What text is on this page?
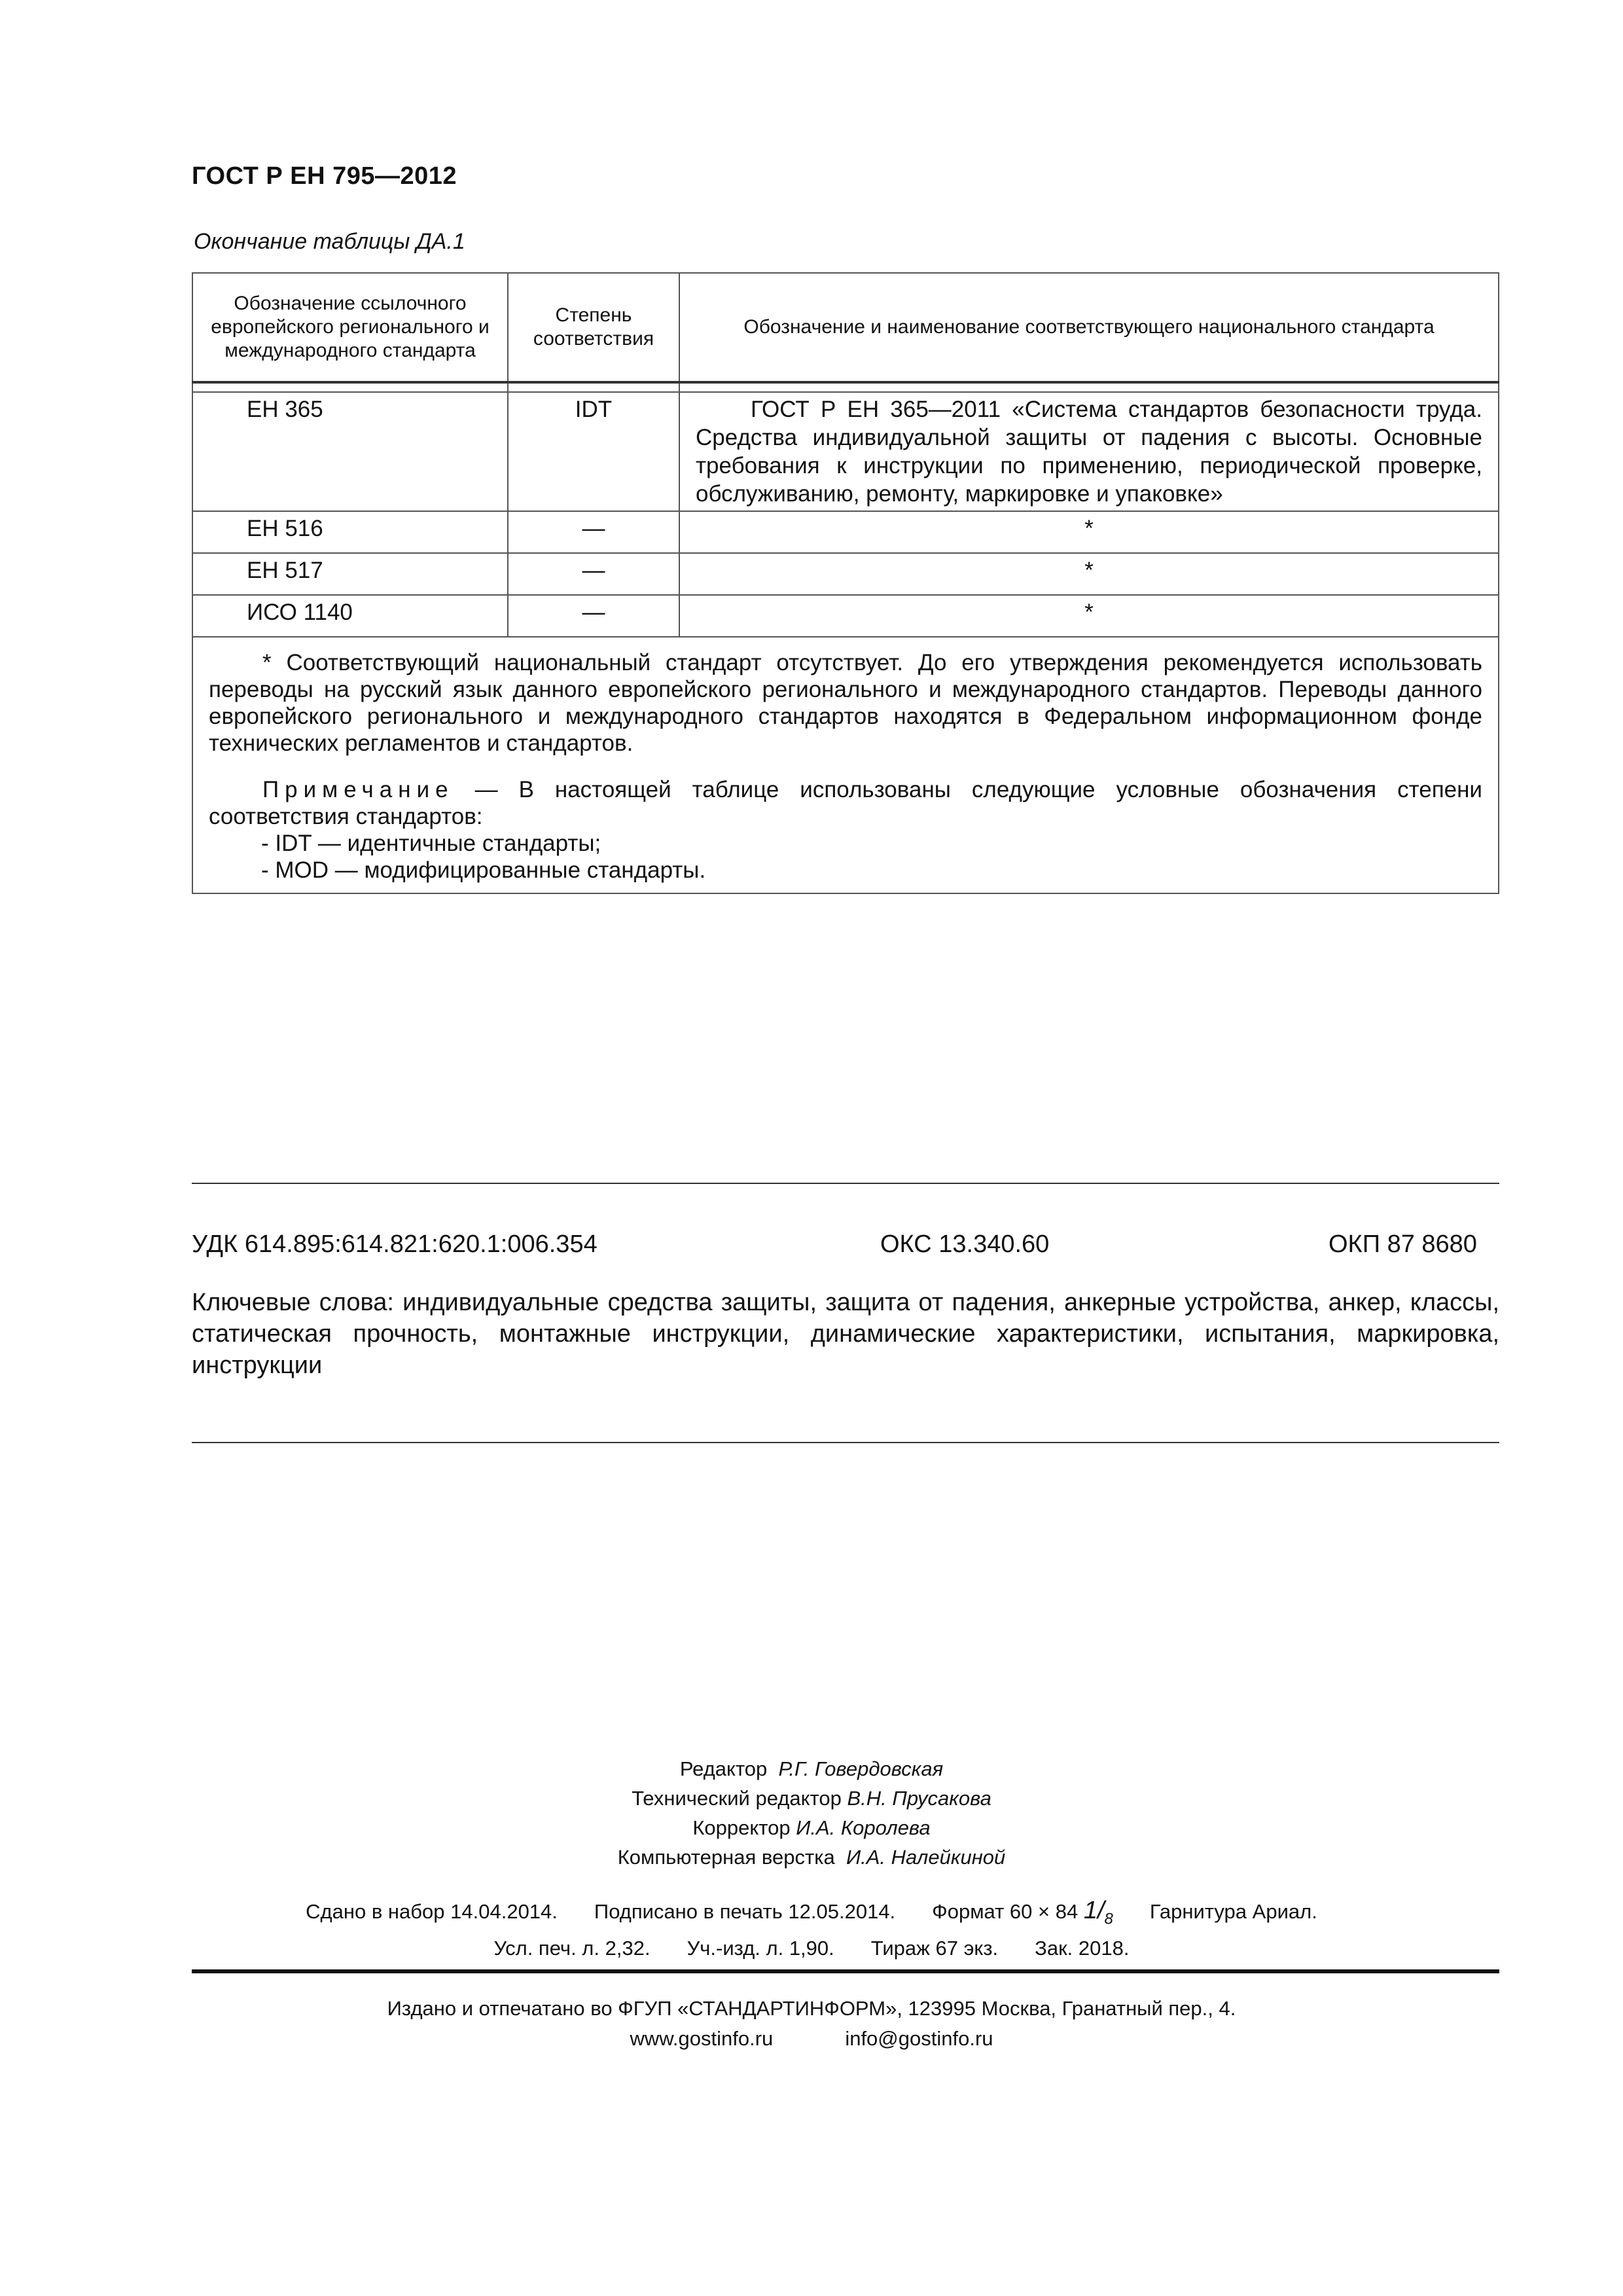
ГОСТ Р ЕН 795—2012
Окончание таблицы ДА.1
Обозначение ссылочного европейского регионального и международного стандарта	Степень соответствия	Обозначение и наименование соответствующего национального стандарта

ЕН 365	IDT	ГОСТ Р ЕН 365—2011 «Система стандартов безопасности труда. Средства индивидуальной защиты от падения с высоты. Основные требования к инструкции по применению, периодической проверке, обслуживанию, ремонту, маркировке и упаковке»

ЕН 516	—	*
ЕН 517	—	*
ИСО 1140	—	*

* Соответствующий национальный стандарт отсутствует. До его утверждения рекомендуется использовать переводы на русский язык данного европейского регионального и международного стандартов. Переводы данного европейского регионального и международного стандартов находятся в Федеральном информационном фонде технических регламентов и стандартов.

Примечание — В настоящей таблице использованы следующие условные обозначения степени соответствия стандартов:

- IDT — идентичные стандарты;

- MOD — модифицированные стандарты.		

УДК 614.895:614.821:620.1:006.354	ОКС 13.340.60	ОКП 87 8680
Ключевые слова: индивидуальные средства защиты, защита от падения, анкерные устройства, анкер, классы, статическая прочность, монтажные инструкции, динамические характеристики, испытания, маркировка, инструкции
Редактор Р.Г. Говердовская
Технический редактор В.Н. Прусакова
Корректор И.А. Королева
Компьютерная верстка И.А. Налейкиной
Сдано в набор 14.04.2014. Подписано в печать 12.05.2014. Формат 60 × 84 $1/_8$ Гарнитура Ариал.
Усл. печ. л. 2,32. Уч.-изд. л. 1,90. Тираж 67 экз. Зак. 2018.
Издано и отпечатано во ФГУП «СТАНДАРТИНФОРМ», 123995 Москва, Гранатный пер., 4.
www.gostinfo.ru	info@gostinfo.ru
